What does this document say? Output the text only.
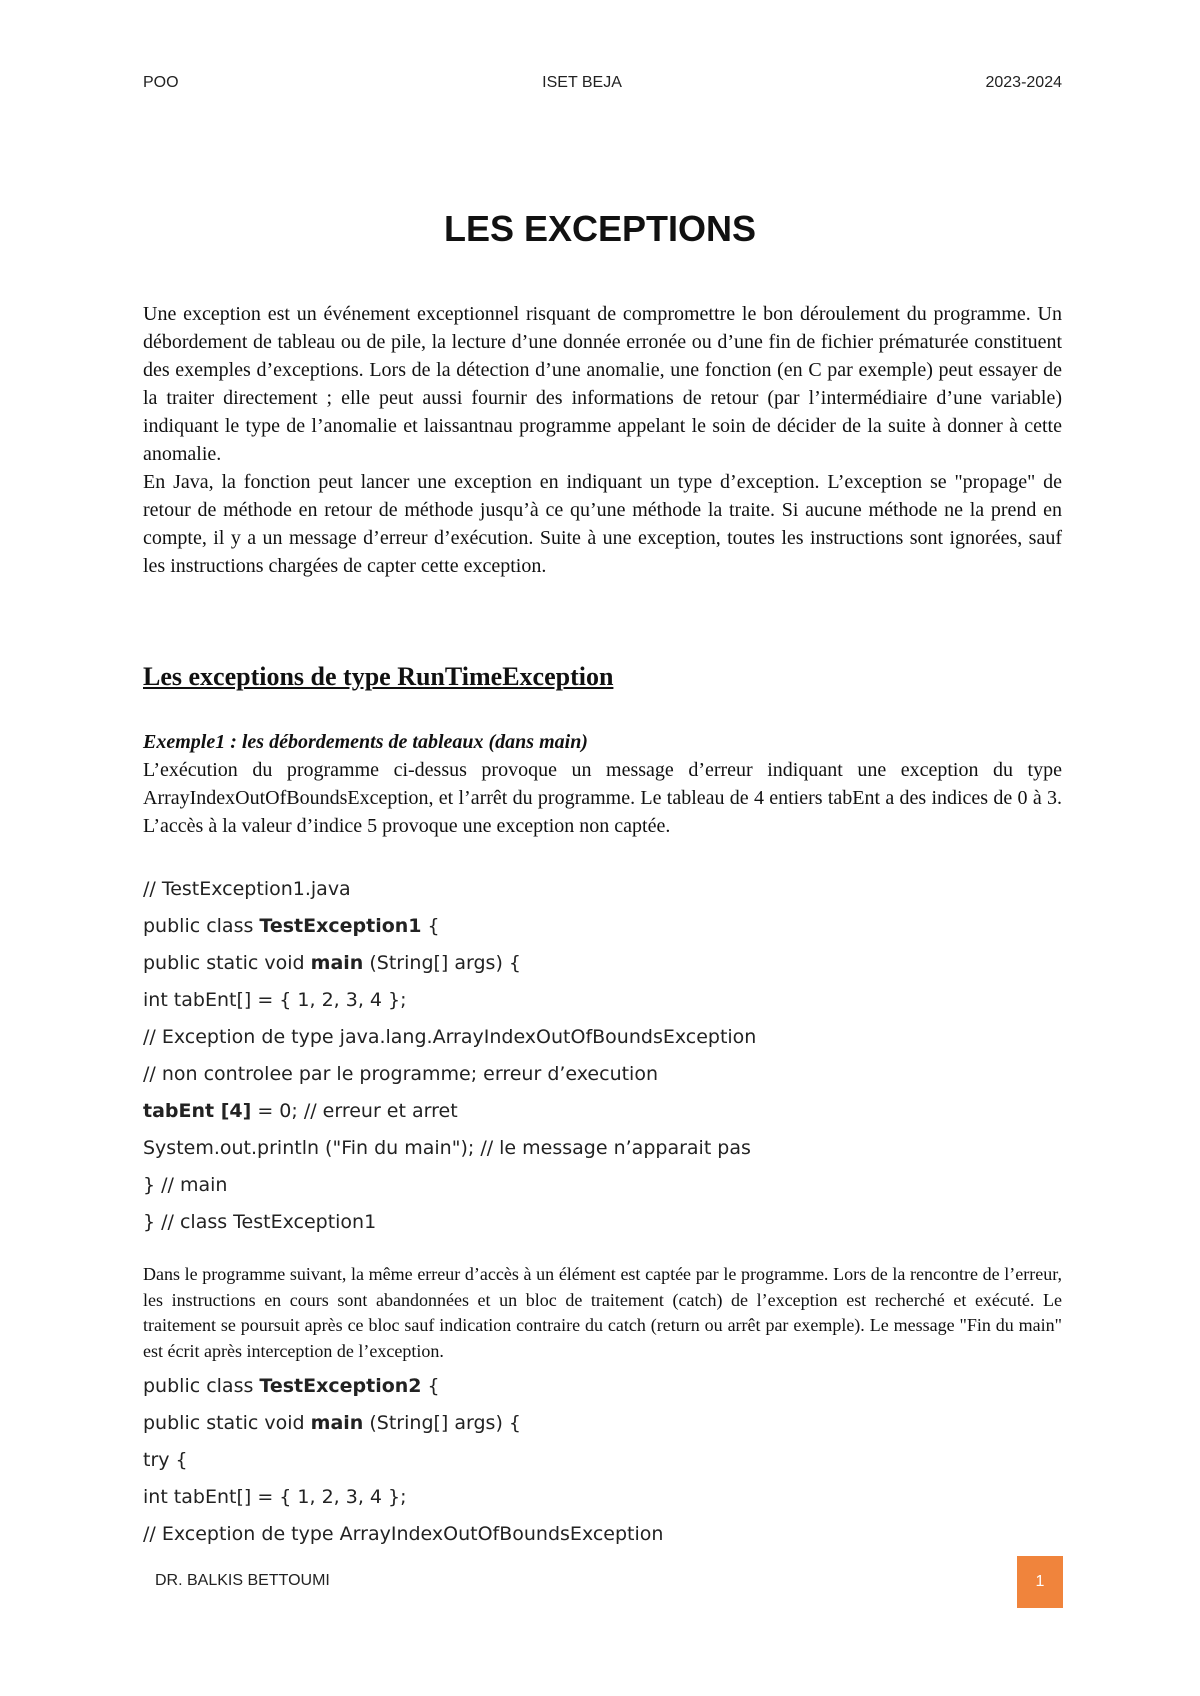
POO	ISET BEJA	2023-2024
LES EXCEPTIONS

Une exception est un événement exceptionnel risquant de compromettre le bon déroulement du programme. Un débordement de tableau ou de pile, la lecture d’une donnée erronée ou d’une fin de fichier prématurée constituent des exemples d’exceptions. Lors de la détection d’une anomalie, une fonction (en C par exemple) peut essayer de la traiter directement ; elle peut aussi fournir des informations de retour (par l’intermédiaire d’une variable) indiquant le type de l’anomalie et laissantnau programme appelant le soin de décider de la suite à donner à cette anomalie.

En Java, la fonction peut lancer une exception en indiquant un type d’exception. L’exception se "propage" de retour de méthode en retour de méthode jusqu’à ce qu’une méthode la traite. Si aucune méthode ne la prend en compte, il y a un message d’erreur d’exécution. Suite à une exception, toutes les instructions sont ignorées, sauf les instructions chargées de capter cette exception.

Les exceptions de type RunTimeException

Exemple1 : les débordements de tableaux (dans main)

L’exécution du programme ci-dessus provoque un message d’erreur indiquant une exception du type ArrayIndexOutOfBoundsException, et l’arrêt du programme. Le tableau de 4 entiers tabEnt a des indices de 0 à 3. L’accès à la valeur d’indice 5 provoque une exception non captée.

// TestException1.java
public class TestException1 {
public static void main (String[] args) {
int tabEnt[] = { 1, 2, 3, 4 };
// Exception de type java.lang.ArrayIndexOutOfBoundsException
// non controlee par le programme; erreur d’execution
tabEnt [4] = 0; // erreur et arret
System.out.println ("Fin du main"); // le message n’apparait pas
} // main
} // class TestException1

Dans le programme suivant, la même erreur d’accès à un élément est captée par le programme. Lors de la rencontre de l’erreur, les instructions en cours sont abandonnées et un bloc de traitement (catch) de l’exception est recherché et exécuté. Le traitement se poursuit après ce bloc sauf indication contraire du catch (return ou arrêt par exemple). Le message "Fin du main" est écrit après interception de l’exception.

public class TestException2 {
public static void main (String[] args) {
try {
int tabEnt[] = { 1, 2, 3, 4 };
// Exception de type ArrayIndexOutOfBoundsException
DR. BALKIS BETTOUMI	1
